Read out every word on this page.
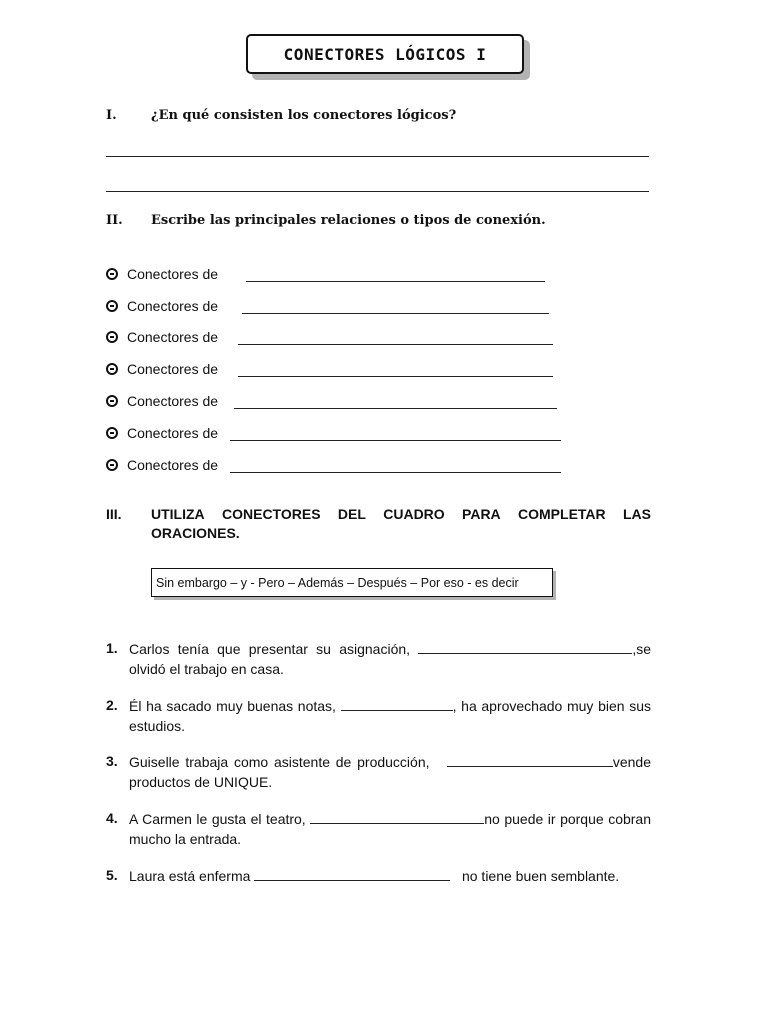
CONECTORES LÓGICOS I
I.	¿En qué consisten los conectores lógicos?
II. Escribe las principales relaciones o tipos de conexión.
Conectores de
Conectores de
Conectores de
Conectores de
Conectores de
Conectores de
Conectores de
III. UTILIZA CONECTORES DEL CUADRO PARA COMPLETAR LAS
ORACIONES.
Sin embargo – y - Pero – Además – Después – Por eso - es decir
1. Carlos tenía que presentar su asignación,	,se olvidó el trabajo en casa.
2. Él ha sacado muy buenas notas,	, ha aprovechado muy bien sus estudios.
3. Guiselle trabaja como asistente de producción,	vende productos de UNIQUE.
4. A Carmen le gusta el teatro,	no puede ir porque cobran mucho la entrada.
5. Laura está enferma	no tiene buen semblante.
